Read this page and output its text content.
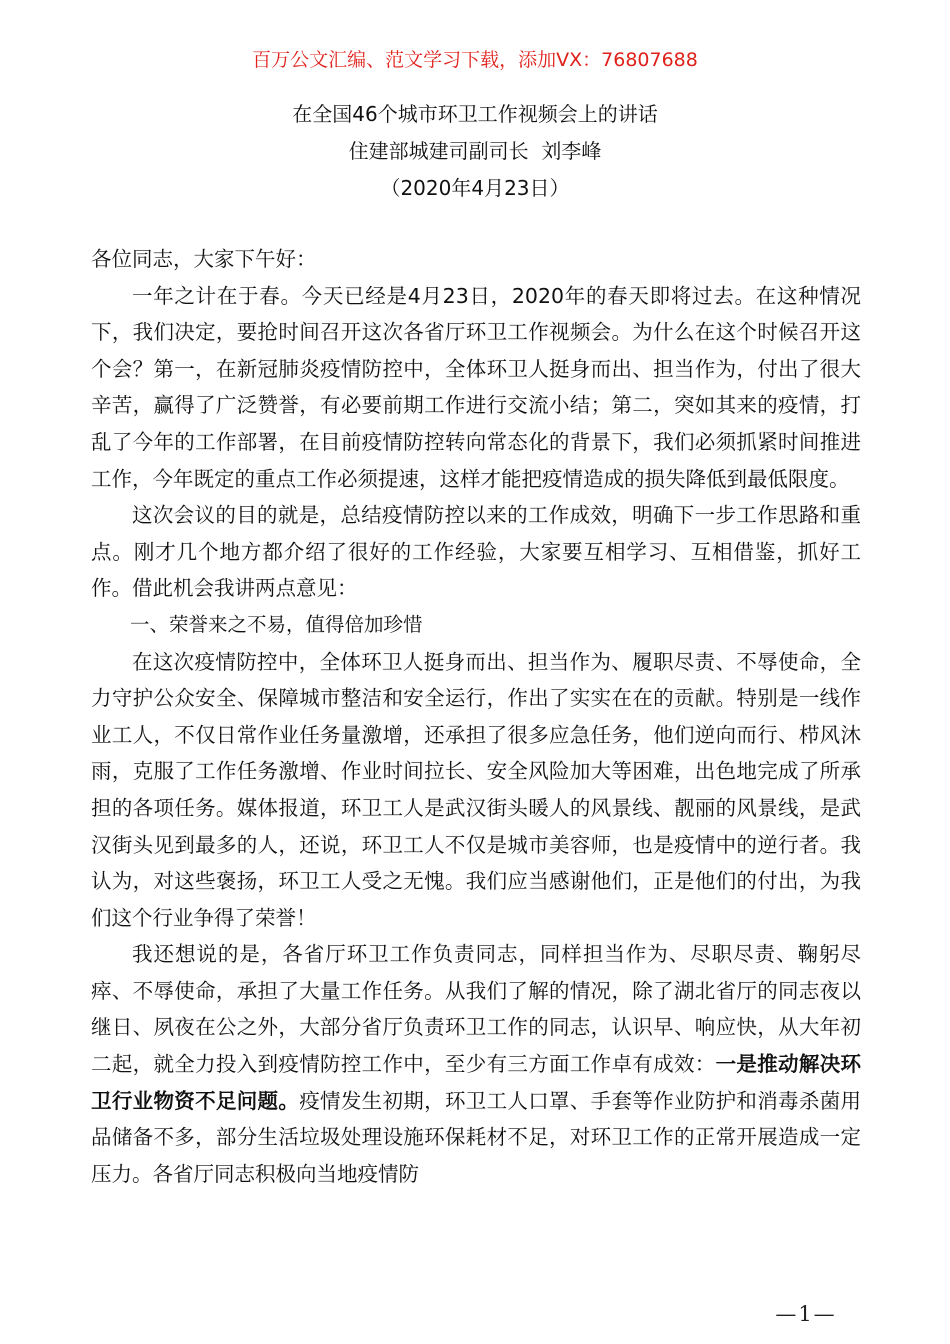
百万公文汇编、范文学习下载，添加VX：76807688
在全国46个城市环卫工作视频会上的讲话
住建部城建司副司长  刘李峰
（2020年4月23日）

各位同志，大家下午好：

一年之计在于春。今天已经是4月23日，2020年的春天即将过去。在这种情况下，我们决定，要抢时间召开这次各省厅环卫工作视频会。为什么在这个时候召开这个会？第一，在新冠肺炎疫情防控中，全体环卫人挺身而出、担当作为，付出了很大辛苦，赢得了广泛赞誉，有必要前期工作进行交流小结；第二，突如其来的疫情，打乱了今年的工作部署，在目前疫情防控转向常态化的背景下，我们必须抓紧时间推进工作，今年既定的重点工作必须提速，这样才能把疫情造成的损失降低到最低限度。

这次会议的目的就是，总结疫情防控以来的工作成效，明确下一步工作思路和重点。刚才几个地方都介绍了很好的工作经验，大家要互相学习、互相借鉴，抓好工作。借此机会我讲两点意见：

一、荣誉来之不易，值得倍加珍惜

在这次疫情防控中，全体环卫人挺身而出、担当作为、履职尽责、不辱使命，全力守护公众安全、保障城市整洁和安全运行，作出了实实在在的贡献。特别是一线作业工人，不仅日常作业任务量激增，还承担了很多应急任务，他们逆向而行、栉风沐雨，克服了工作任务激增、作业时间拉长、安全风险加大等困难，出色地完成了所承担的各项任务。媒体报道，环卫工人是武汉街头暖人的风景线、靓丽的风景线，是武汉街头见到最多的人，还说，环卫工人不仅是城市美容师，也是疫情中的逆行者。我认为，对这些褒扬，环卫工人受之无愧。我们应当感谢他们，正是他们的付出，为我们这个行业争得了荣誉！

我还想说的是，各省厅环卫工作负责同志，同样担当作为、尽职尽责、鞠躬尽瘁、不辱使命，承担了大量工作任务。从我们了解的情况，除了湖北省厅的同志夜以继日、夙夜在公之外，大部分省厅负责环卫工作的同志，认识早、响应快，从大年初二起，就全力投入到疫情防控工作中，至少有三方面工作卓有成效：一是推动解决环卫行业物资不足问题。疫情发生初期，环卫工人口罩、手套等作业防护和消毒杀菌用品储备不多，部分生活垃圾处理设施环保耗材不足，对环卫工作的正常开展造成一定压力。各省厅同志积极向当地疫情防

—1—
